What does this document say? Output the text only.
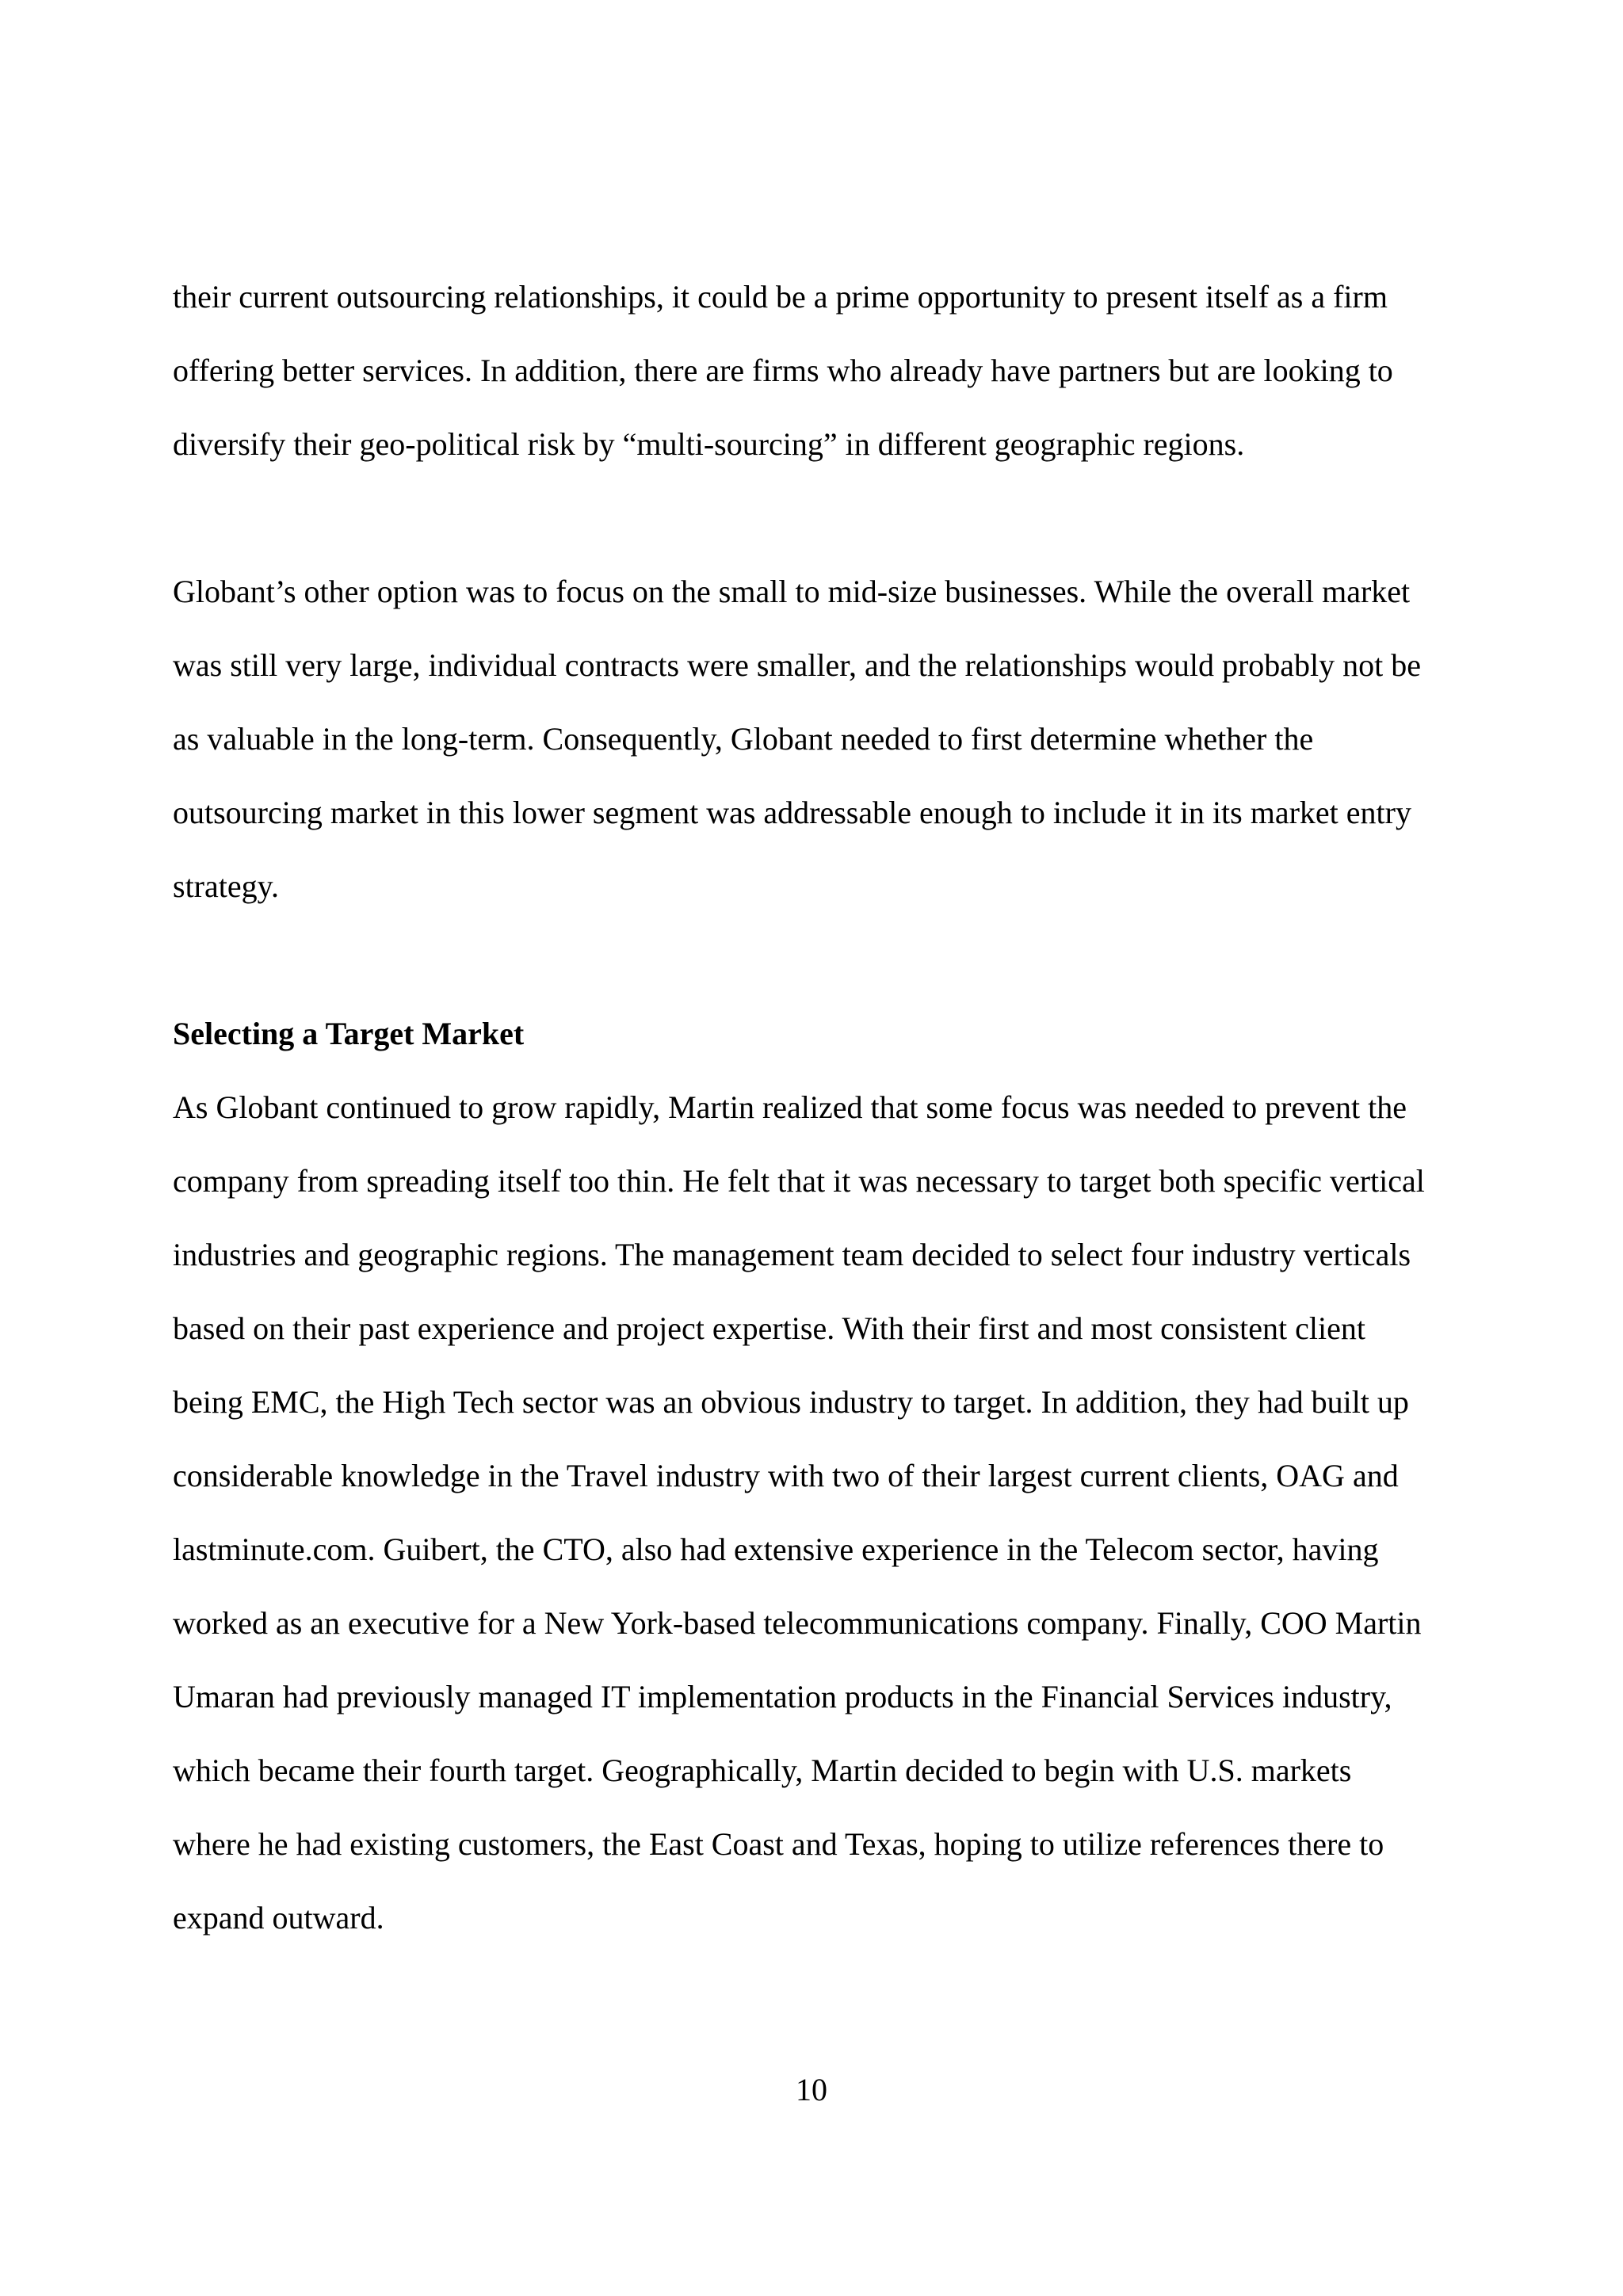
their current outsourcing relationships, it could be a prime opportunity to present itself as a firm
offering better services. In addition, there are firms who already have partners but are looking to
diversify their geo-political risk by “multi-sourcing” in different geographic regions.

Globant’s other option was to focus on the small to mid-size businesses. While the overall market
was still very large, individual contracts were smaller, and the relationships would probably not be
as valuable in the long-term. Consequently, Globant needed to first determine whether the
outsourcing market in this lower segment was addressable enough to include it in its market entry
strategy.

Selecting a Target Market

As Globant continued to grow rapidly, Martin realized that some focus was needed to prevent the
company from spreading itself too thin. He felt that it was necessary to target both specific vertical
industries and geographic regions. The management team decided to select four industry verticals
based on their past experience and project expertise. With their first and most consistent client
being EMC, the High Tech sector was an obvious industry to target. In addition, they had built up
considerable knowledge in the Travel industry with two of their largest current clients, OAG and
lastminute.com. Guibert, the CTO, also had extensive experience in the Telecom sector, having
worked as an executive for a New York-based telecommunications company. Finally, COO Martin
Umaran had previously managed IT implementation products in the Financial Services industry,
which became their fourth target. Geographically, Martin decided to begin with U.S. markets
where he had existing customers, the East Coast and Texas, hoping to utilize references there to
expand outward.

10
